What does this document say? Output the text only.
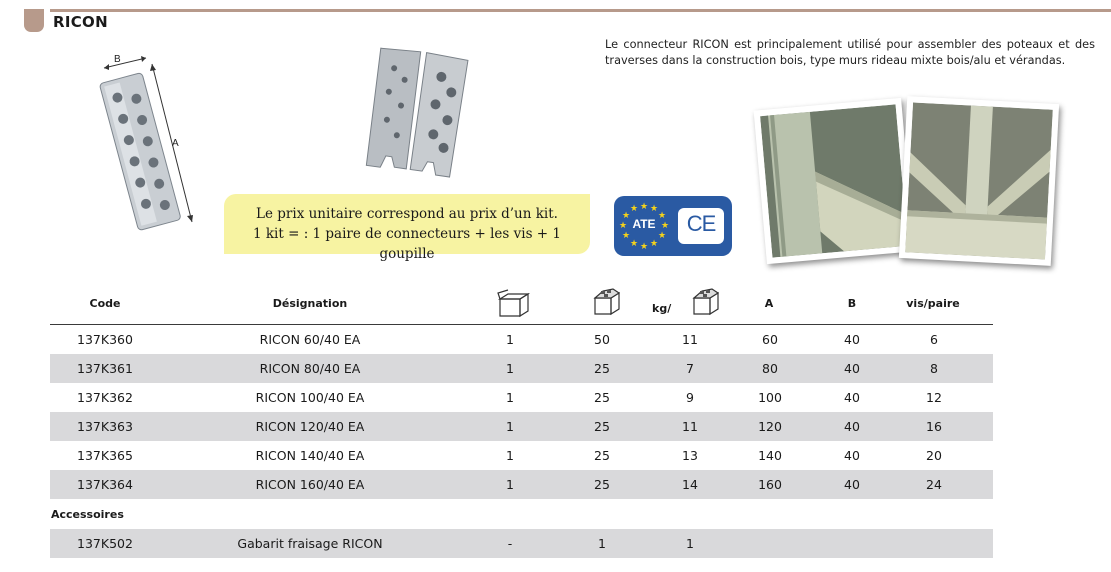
RICON
B
A
Le connecteur RICON est principalement utilisé pour assembler des poteaux et des traverses dans la construction bois, type murs rideau mixte bois/alu et vérandas.
Le prix unitaire correspond au prix d’un kit.
1 kit = : 1 paire de connecteurs + les vis + 1 goupille
★ ★
★
★
★
★
★
★
★
★
★
★
ATE	CE
Code	Désignation	kg/	A	B	vis/paire
137K360	RICON 60/40 EA	1	50	11	60	40	6
137K361	RICON 80/40 EA	1	25	7	80	40	8
137K362	RICON 100/40 EA	1	25	9	100	40	12
137K363	RICON 120/40 EA	1	25	11	120	40	16
137K365	RICON 140/40 EA	1	25	13	140	40	20
137K364	RICON 160/40 EA	1	25	14	160	40	24
Accessoires
137K502	Gabarit fraisage RICON	-	1	1
